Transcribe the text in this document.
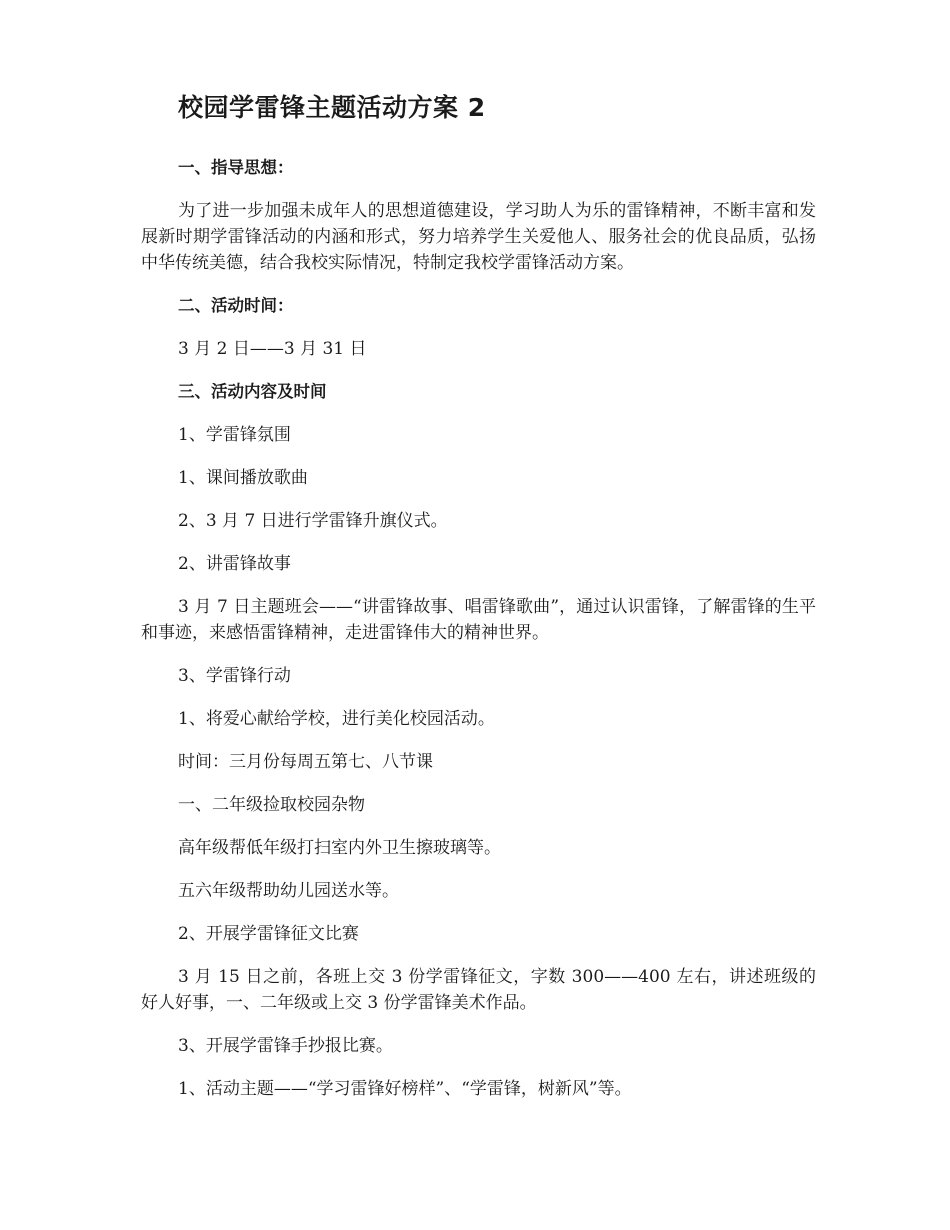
校园学雷锋主题活动方案 2

一、指导思想：

为了进一步加强未成年人的思想道德建设，学习助人为乐的雷锋精神，不断丰富和发展新时期学雷锋活动的内涵和形式，努力培养学生关爱他人、服务社会的优良品质，弘扬中华传统美德，结合我校实际情况，特制定我校学雷锋活动方案。

二、活动时间：

3 月 2 日——3 月 31 日

三、活动内容及时间

1、学雷锋氛围

1、课间播放歌曲

2、3 月 7 日进行学雷锋升旗仪式。

2、讲雷锋故事

3 月 7 日主题班会——“讲雷锋故事、唱雷锋歌曲”，通过认识雷锋，了解雷锋的生平和事迹，来感悟雷锋精神，走进雷锋伟大的精神世界。

3、学雷锋行动

1、将爱心献给学校，进行美化校园活动。

时间：三月份每周五第七、八节课

一、二年级捡取校园杂物

高年级帮低年级打扫室内外卫生擦玻璃等。

五六年级帮助幼儿园送水等。

2、开展学雷锋征文比赛

3 月 15 日之前，各班上交 3 份学雷锋征文，字数 300——400 左右，讲述班级的好人好事，一、二年级或上交 3 份学雷锋美术作品。

3、开展学雷锋手抄报比赛。

1、活动主题——“学习雷锋好榜样”、“学雷锋，树新风”等。
